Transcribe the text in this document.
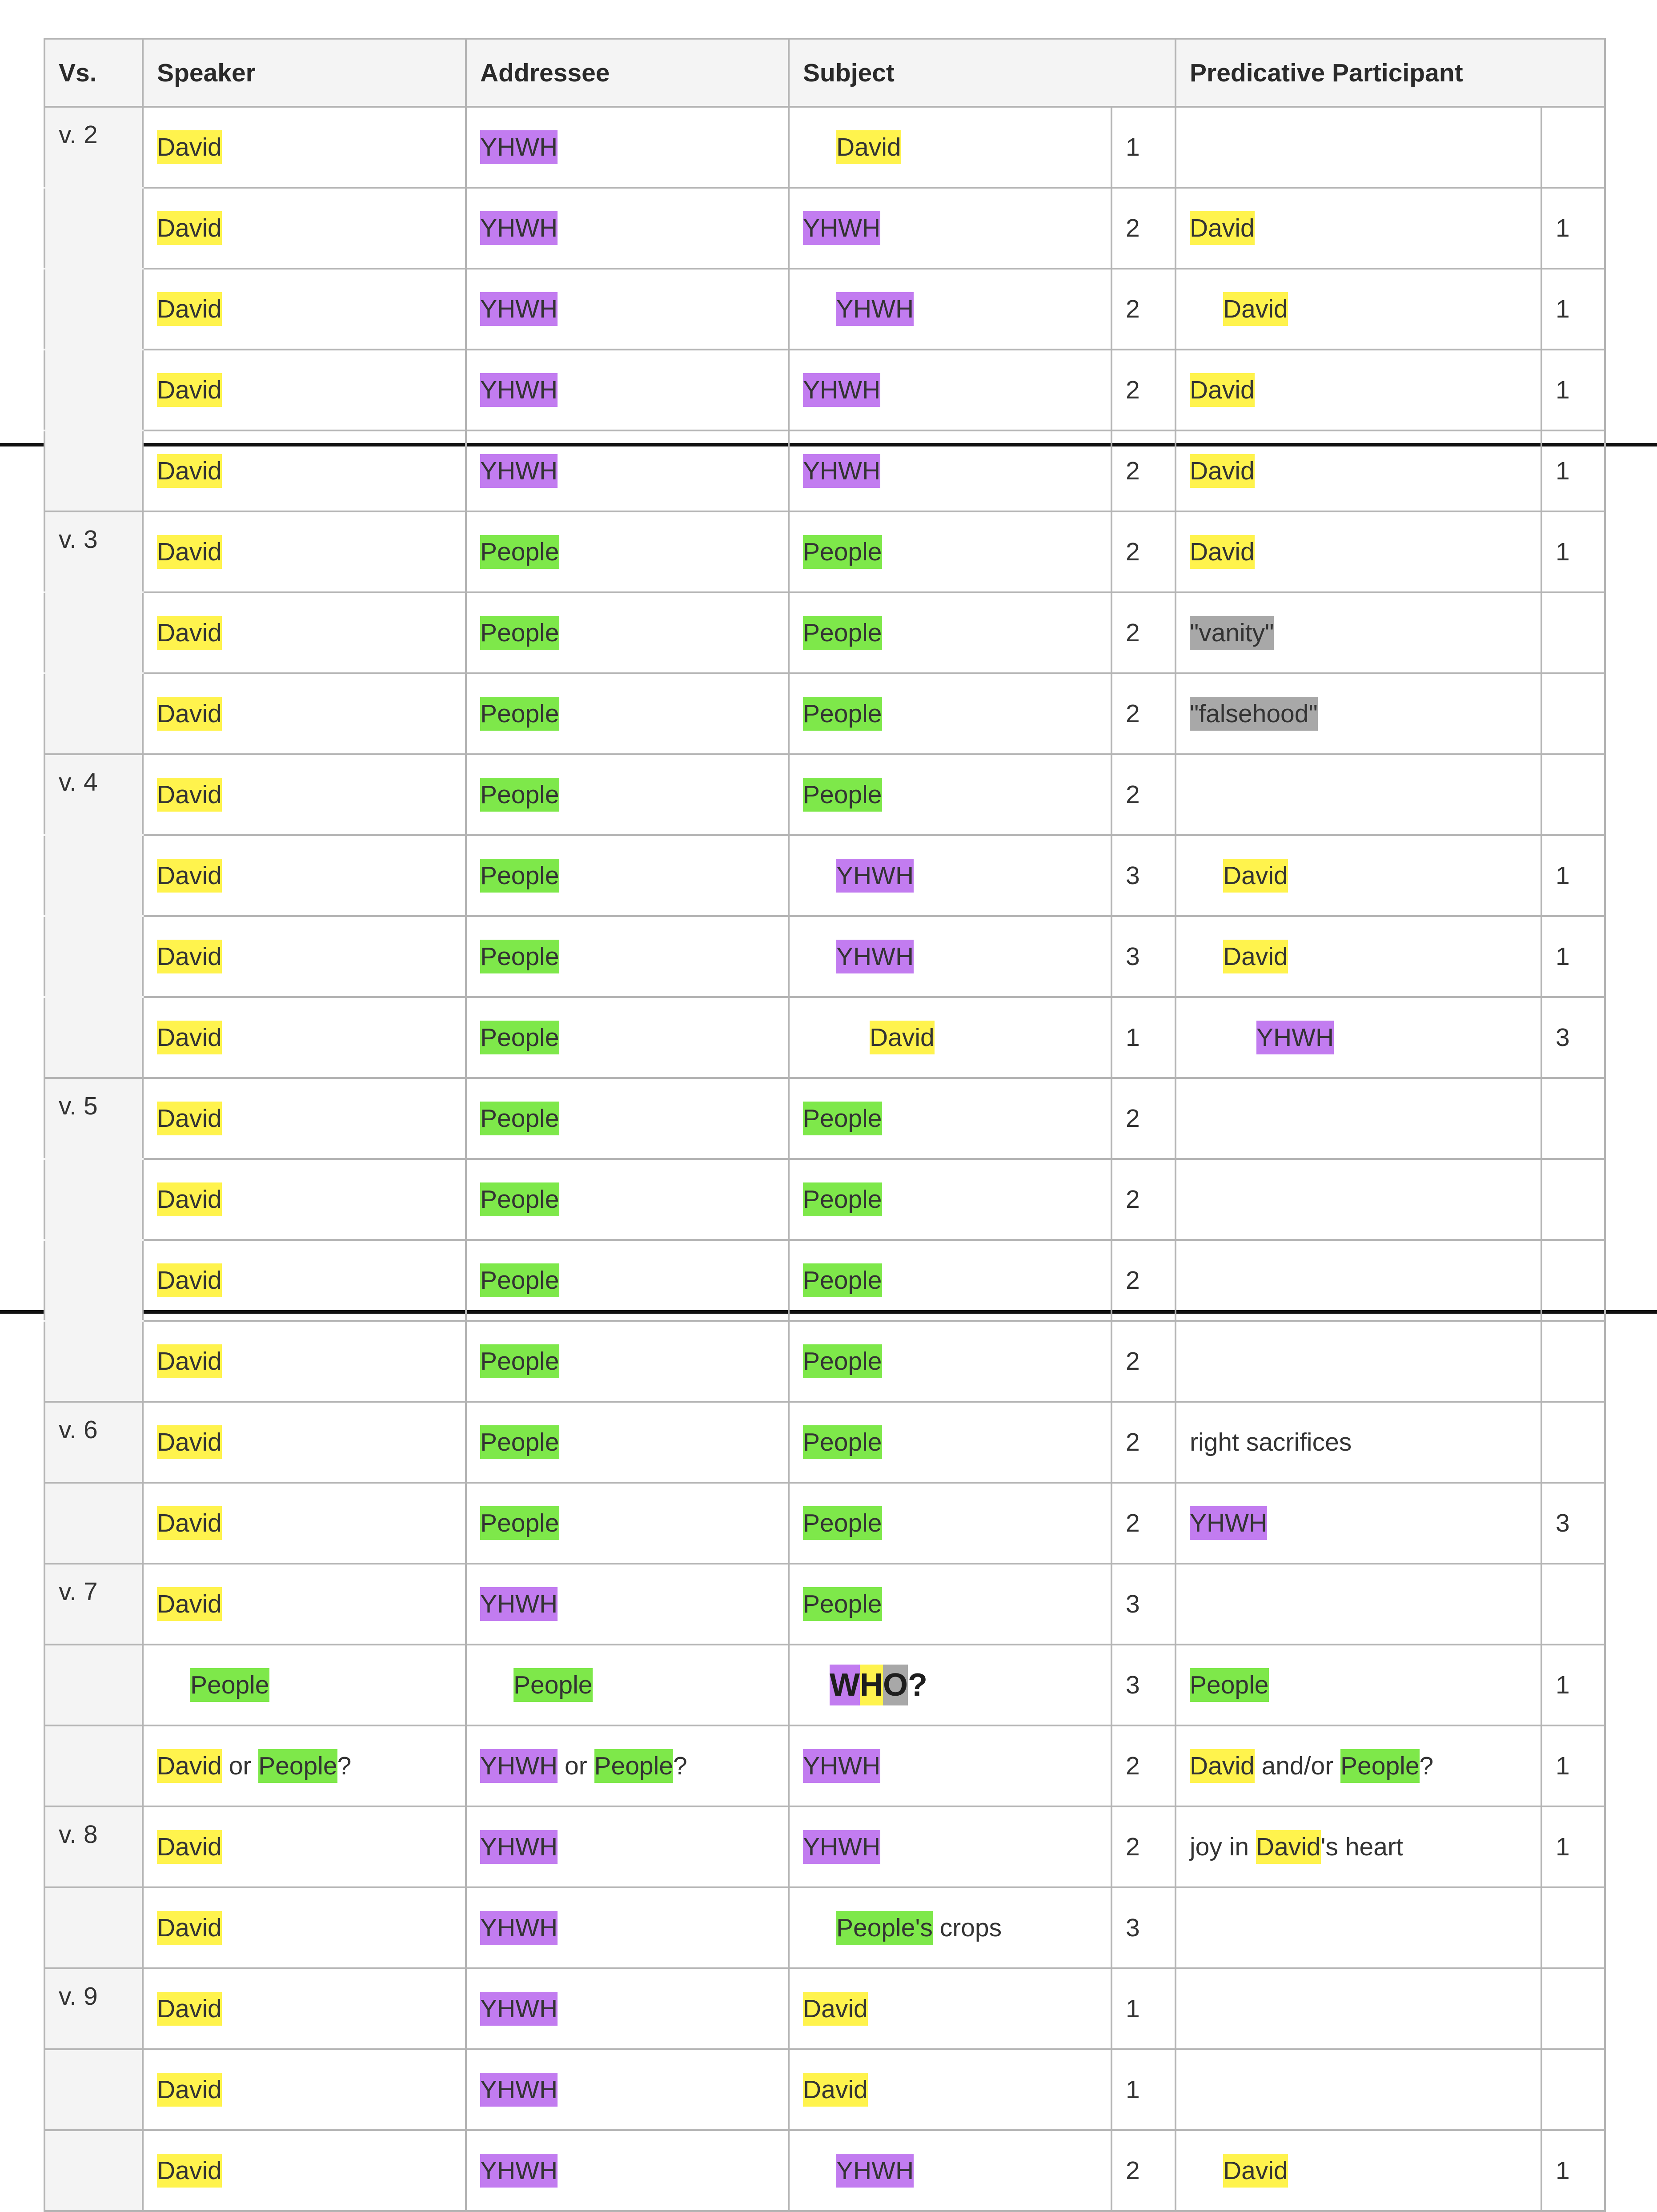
Vs.	Speaker	Addressee	Subject		Predicative Participant	
v. 2	David	YHWH	David	1		
	David	YHWH	YHWH	2	David	1
	David	YHWH	YHWH	2	David	1
	David	YHWH	YHWH	2	David	1
	David	YHWH	YHWH	2	David	1
v. 3	David	People	People	2	David	1
	David	People	People	2	"vanity"	
	David	People	People	2	"falsehood"	
v. 4	David	People	People	2		
	David	People	YHWH	3	David	1
	David	People	YHWH	3	David	1
	David	People	David	1	YHWH	3
v. 5	David	People	People	2		
	David	People	People	2		
	David	People	People	2		
	David	People	People	2		
v. 6	David	People	People	2	right sacrifices	
	David	People	People	2	YHWH	3
v. 7	David	YHWH	People	3		
	People	People	WHO?	3	People	1
	David or People?	YHWH or People?	YHWH	2	David and/or People?	1
v. 8	David	YHWH	YHWH	2	joy in David's heart	1
	David	YHWH	People's crops	3		
v. 9	David	YHWH	David	1		
	David	YHWH	David	1		
	David	YHWH	YHWH	2	David	1
